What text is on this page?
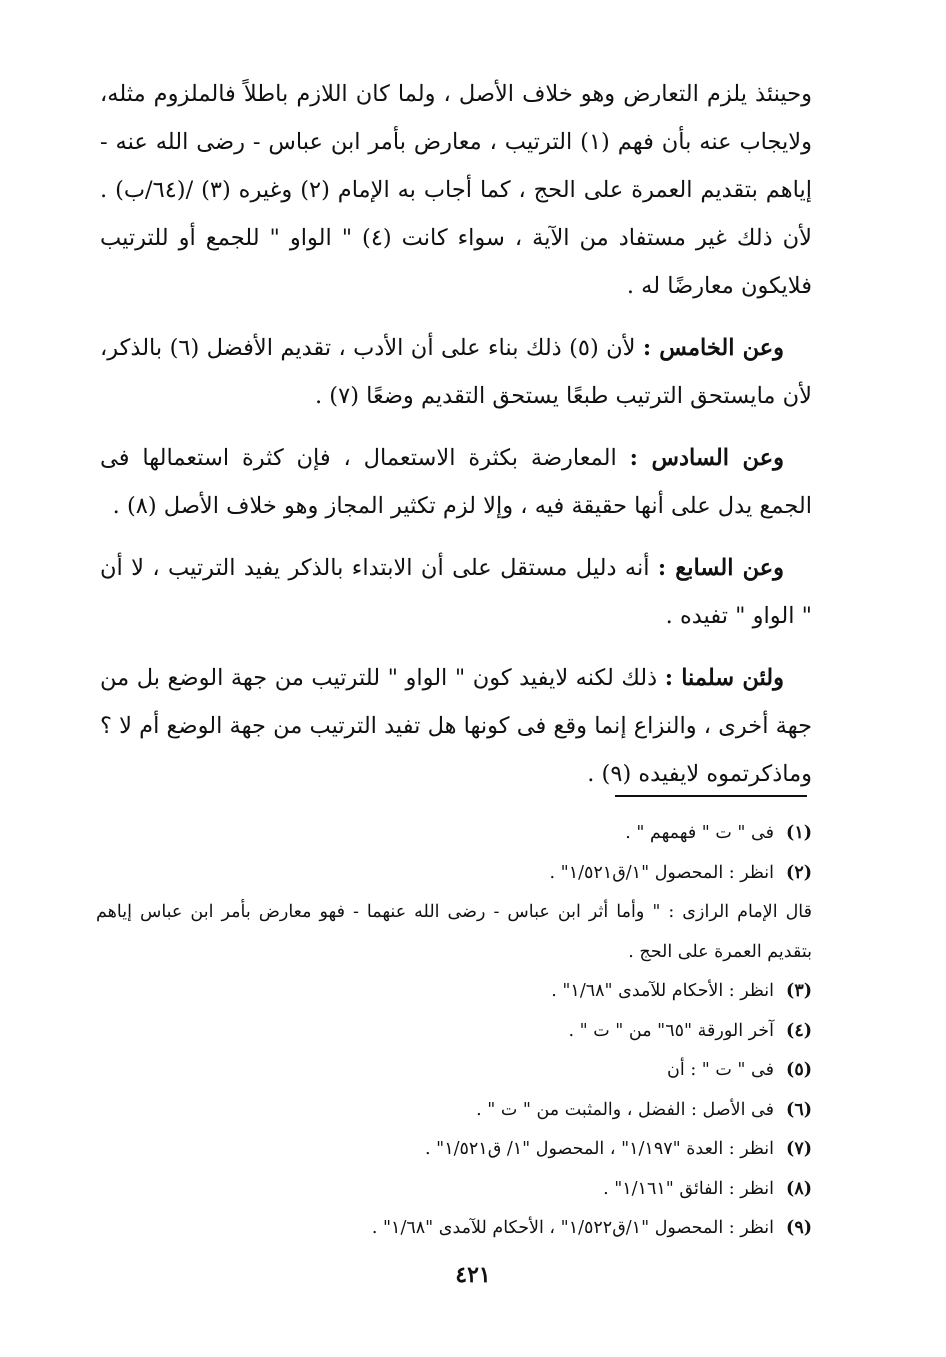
وحينئذ يلزم التعارض وهو خلاف الأصل ، ولما كان اللازم باطلاً فالملزوم مثله، ولايجاب عنه بأن فهم (١) الترتيب ، معارض بأمر ابن عباس - رضى الله عنه - إياهم بتقديم العمرة على الحج ، كما أجاب به الإمام (٢) وغيره (٣) /(٦٤/ب) . لأن ذلك غير مستفاد من الآية ، سواء كانت (٤) " الواو " للجمع أو للترتيب فلايكون معارضًا له .

وعن الخامس : لأن (٥) ذلك بناء على أن الأدب ، تقديم الأفضل (٦) بالذكر، لأن مايستحق الترتيب طبعًا يستحق التقديم وضعًا (٧) .

وعن السادس : المعارضة بكثرة الاستعمال ، فإن كثرة استعمالها فى الجمع يدل على أنها حقيقة فيه ، وإلا لزم تكثير المجاز وهو خلاف الأصل (٨) .

وعن السابع : أنه دليل مستقل على أن الابتداء بالذكر يفيد الترتيب ، لا أن " الواو " تفيده .

ولئن سلمنا : ذلك لكنه لايفيد كون " الواو " للترتيب من جهة الوضع بل من جهة أخرى ، والنزاع إنما وقع فى كونها هل تفيد الترتيب من جهة الوضع أم لا ؟ وماذكرتموه لايفيده (٩) .

(١)
فى " ت " فهمهم " .
(٢)
انظر : المحصول "١/ق١/٥٢١" .
قال الإمام الرازى : " وأما أثر ابن عباس - رضى الله عنهما - فهو معارض بأمر ابن عباس إياهم بتقديم العمرة على الحج .
(٣)
انظر : الأحكام للآمدى "١/٦٨" .
(٤)
آخر الورقة "٦٥" من " ت " .
(٥)
فى " ت " : أن
(٦)
فى الأصل : الفضل ، والمثبت من " ت " .
(٧)
انظر : العدة "١/١٩٧" ، المحصول "١/ ق١/٥٢١" .
(٨)
انظر : الفائق "١/١٦١" .
(٩)
انظر : المحصول "١/ق١/٥٢٢" ، الأحكام للآمدى "١/٦٨" .
٤٢١
